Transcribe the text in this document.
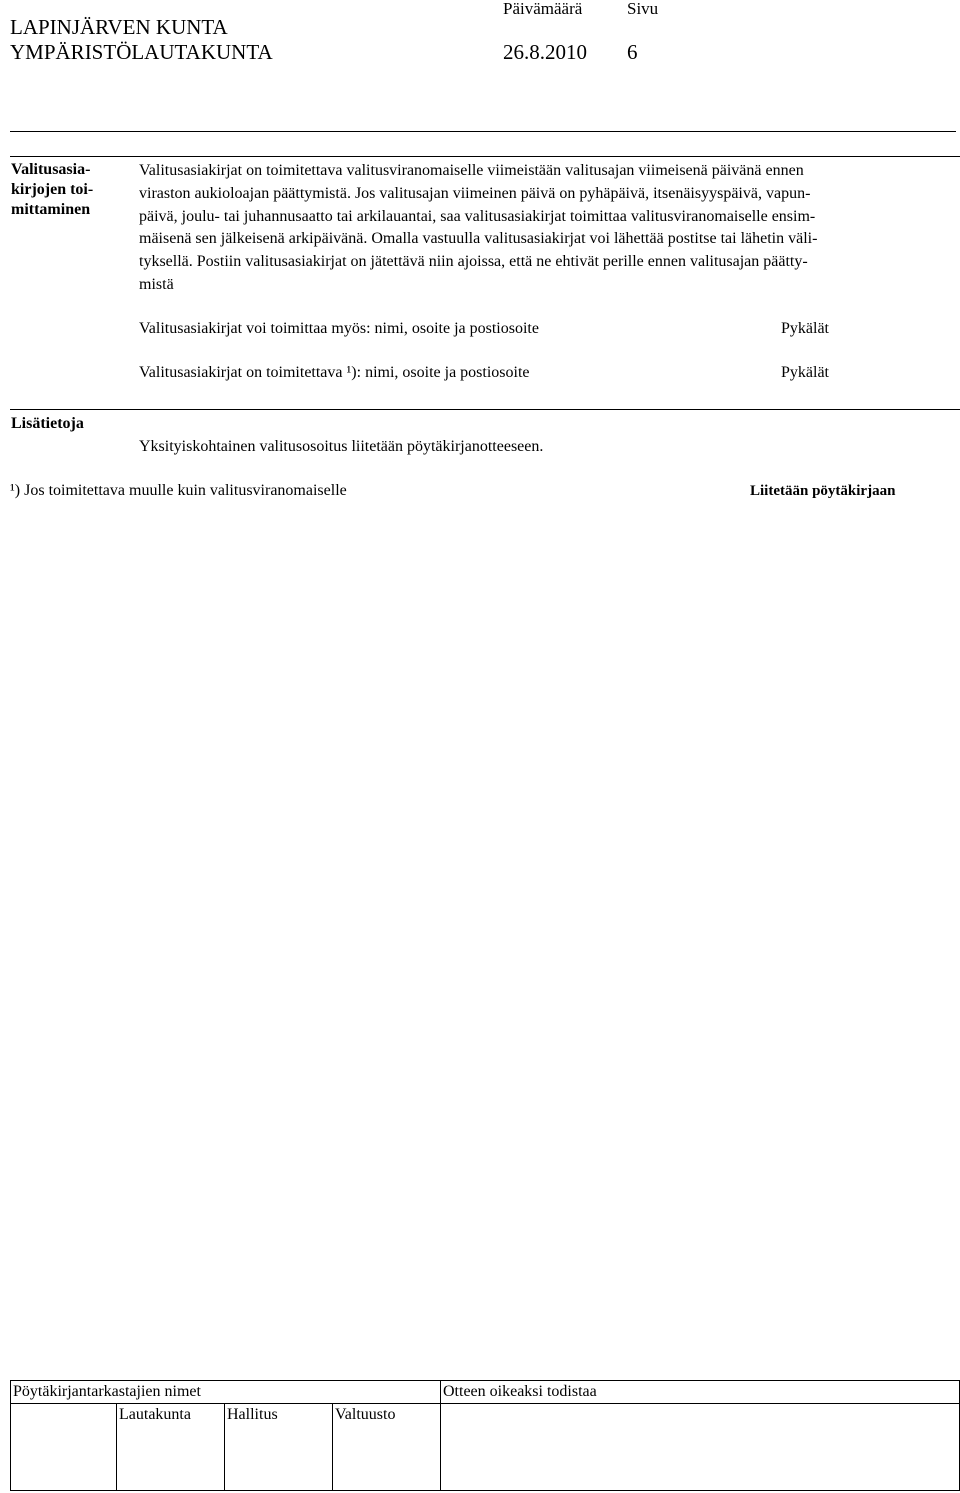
LAPINJÄRVEN KUNTA
YMPÄRISTÖLAUTAKUNTA
Päivämäärä	Sivu
26.8.2010 6
Valitusasia-
kirjojen toi-
mittaminen
Valitusasiakirjat on toimitettava valitusviranomaiselle viimeistään valitusajan viimeisenä päivänä ennen
viraston aukioloajan päättymistä. Jos valitusajan viimeinen päivä on pyhäpäivä, itsenäisyyspäivä, vapun-
päivä, joulu- tai juhannusaatto tai arkilauantai, saa valitusasiakirjat toimittaa valitusviranomaiselle ensim-
mäisenä sen jälkeisenä arkipäivänä. Omalla vastuulla valitusasiakirjat voi lähettää postitse tai lähetin väli-
tyksellä. Postiin valitusasiakirjat on jätettävä niin ajoissa, että ne ehtivät perille ennen valitusajan päätty-
mistä
Valitusasiakirjat voi toimittaa myös: nimi, osoite ja postiosoite	Pykälät
Valitusasiakirjat on toimitettava ¹): nimi, osoite ja postiosoite	Pykälät
Lisätietoja
Yksityiskohtainen valitusosoitus liitetään pöytäkirjanotteeseen.
¹) Jos toimitettava muulle kuin valitusviranomaiselle	Liitetään pöytäkirjaan
Pöytäkirjantarkastajien nimet	Otteen oikeaksi todistaa
Lautakunta Hallitus	Valtuusto
